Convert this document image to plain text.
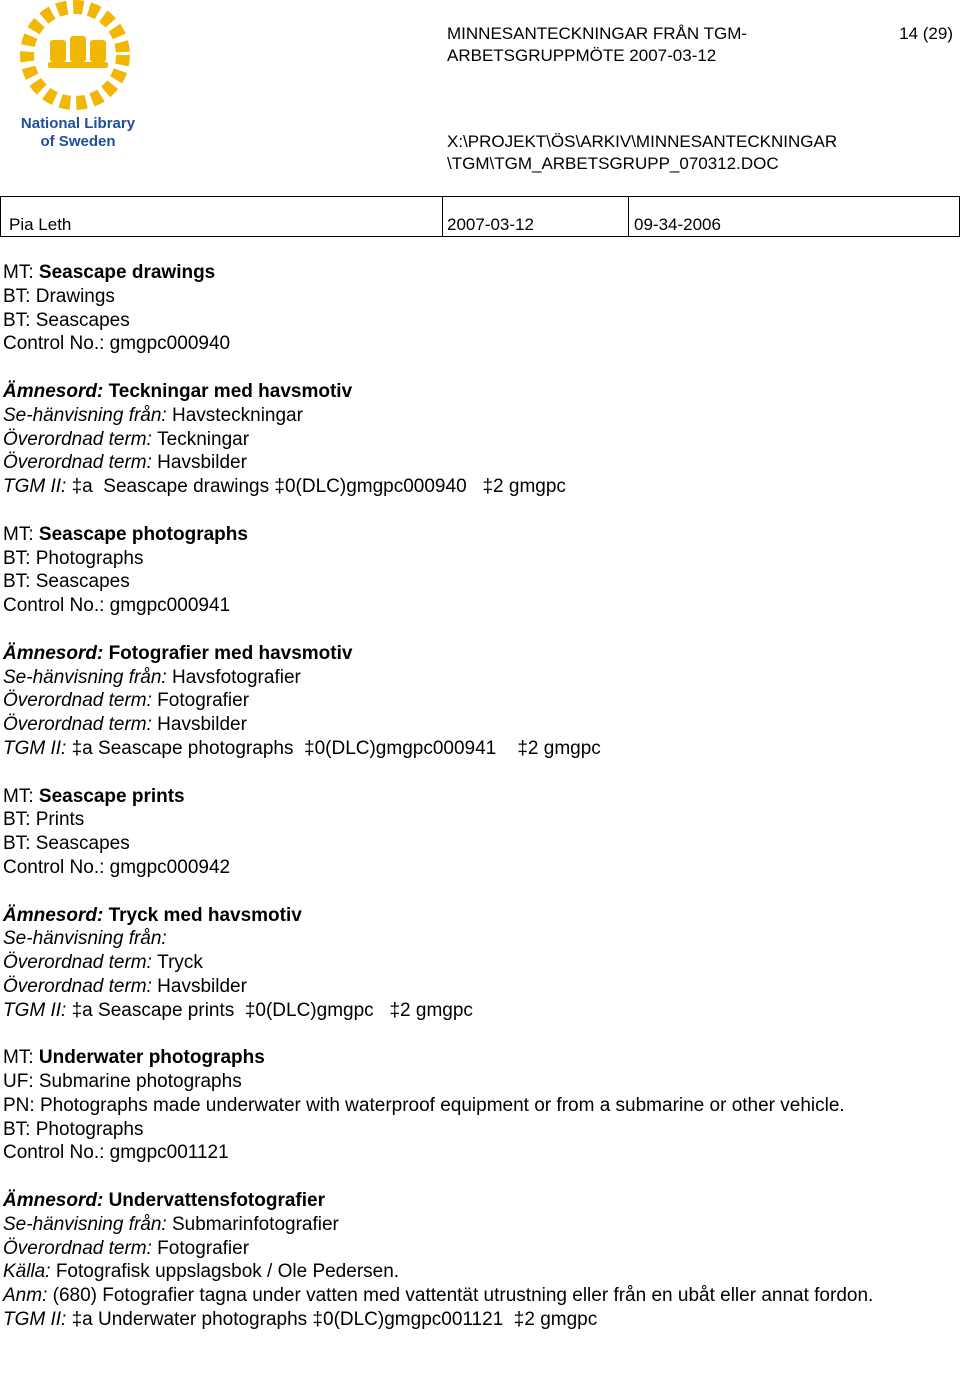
National Library
of Sweden
MINNESANTECKNINGAR FRÅN TGM-
ARBETSGRUPPMÖTE 2007-03-12
14 (29)
X:\PROJEKT\ÖS\ARKIV\MINNESANTECKNINGAR\TGM\TGM_ARBETSGRUPP_070312.DOC
Pia Leth	2007-03-12	09-34-2006

MT: Seascape drawings

BT: Drawings

BT: Seascapes

Control No.: gmgpc000940

Ämnesord: Teckningar med havsmotiv

Se-hänvisning från: Havsteckningar

Överordnad term: Teckningar

Överordnad term: Havsbilder

TGM II: ‡a  Seascape drawings ‡0(DLC)gmgpc000940   ‡2 gmgpc

MT: Seascape photographs

BT: Photographs

BT: Seascapes

Control No.: gmgpc000941

Ämnesord: Fotografier med havsmotiv

Se-hänvisning från: Havsfotografier

Överordnad term: Fotografier

Överordnad term: Havsbilder

TGM II: ‡a Seascape photographs  ‡0(DLC)gmgpc000941    ‡2 gmgpc

MT: Seascape prints

BT: Prints

BT: Seascapes

Control No.: gmgpc000942

Ämnesord: Tryck med havsmotiv

Se-hänvisning från:

Överordnad term: Tryck

Överordnad term: Havsbilder

TGM II: ‡a Seascape prints  ‡0(DLC)gmgpc   ‡2 gmgpc

MT: Underwater photographs

UF: Submarine photographs

PN: Photographs made underwater with waterproof equipment or from a submarine or other vehicle.

BT: Photographs

Control No.: gmgpc001121

Ämnesord: Undervattensfotografier

Se-hänvisning från: Submarinfotografier

Överordnad term: Fotografier

Källa: Fotografisk uppslagsbok / Ole Pedersen.

Anm: (680) Fotografier tagna under vatten med vattentät utrustning eller från en ubåt eller annat fordon.

TGM II: ‡a Underwater photographs ‡0(DLC)gmgpc001121  ‡2 gmgpc
